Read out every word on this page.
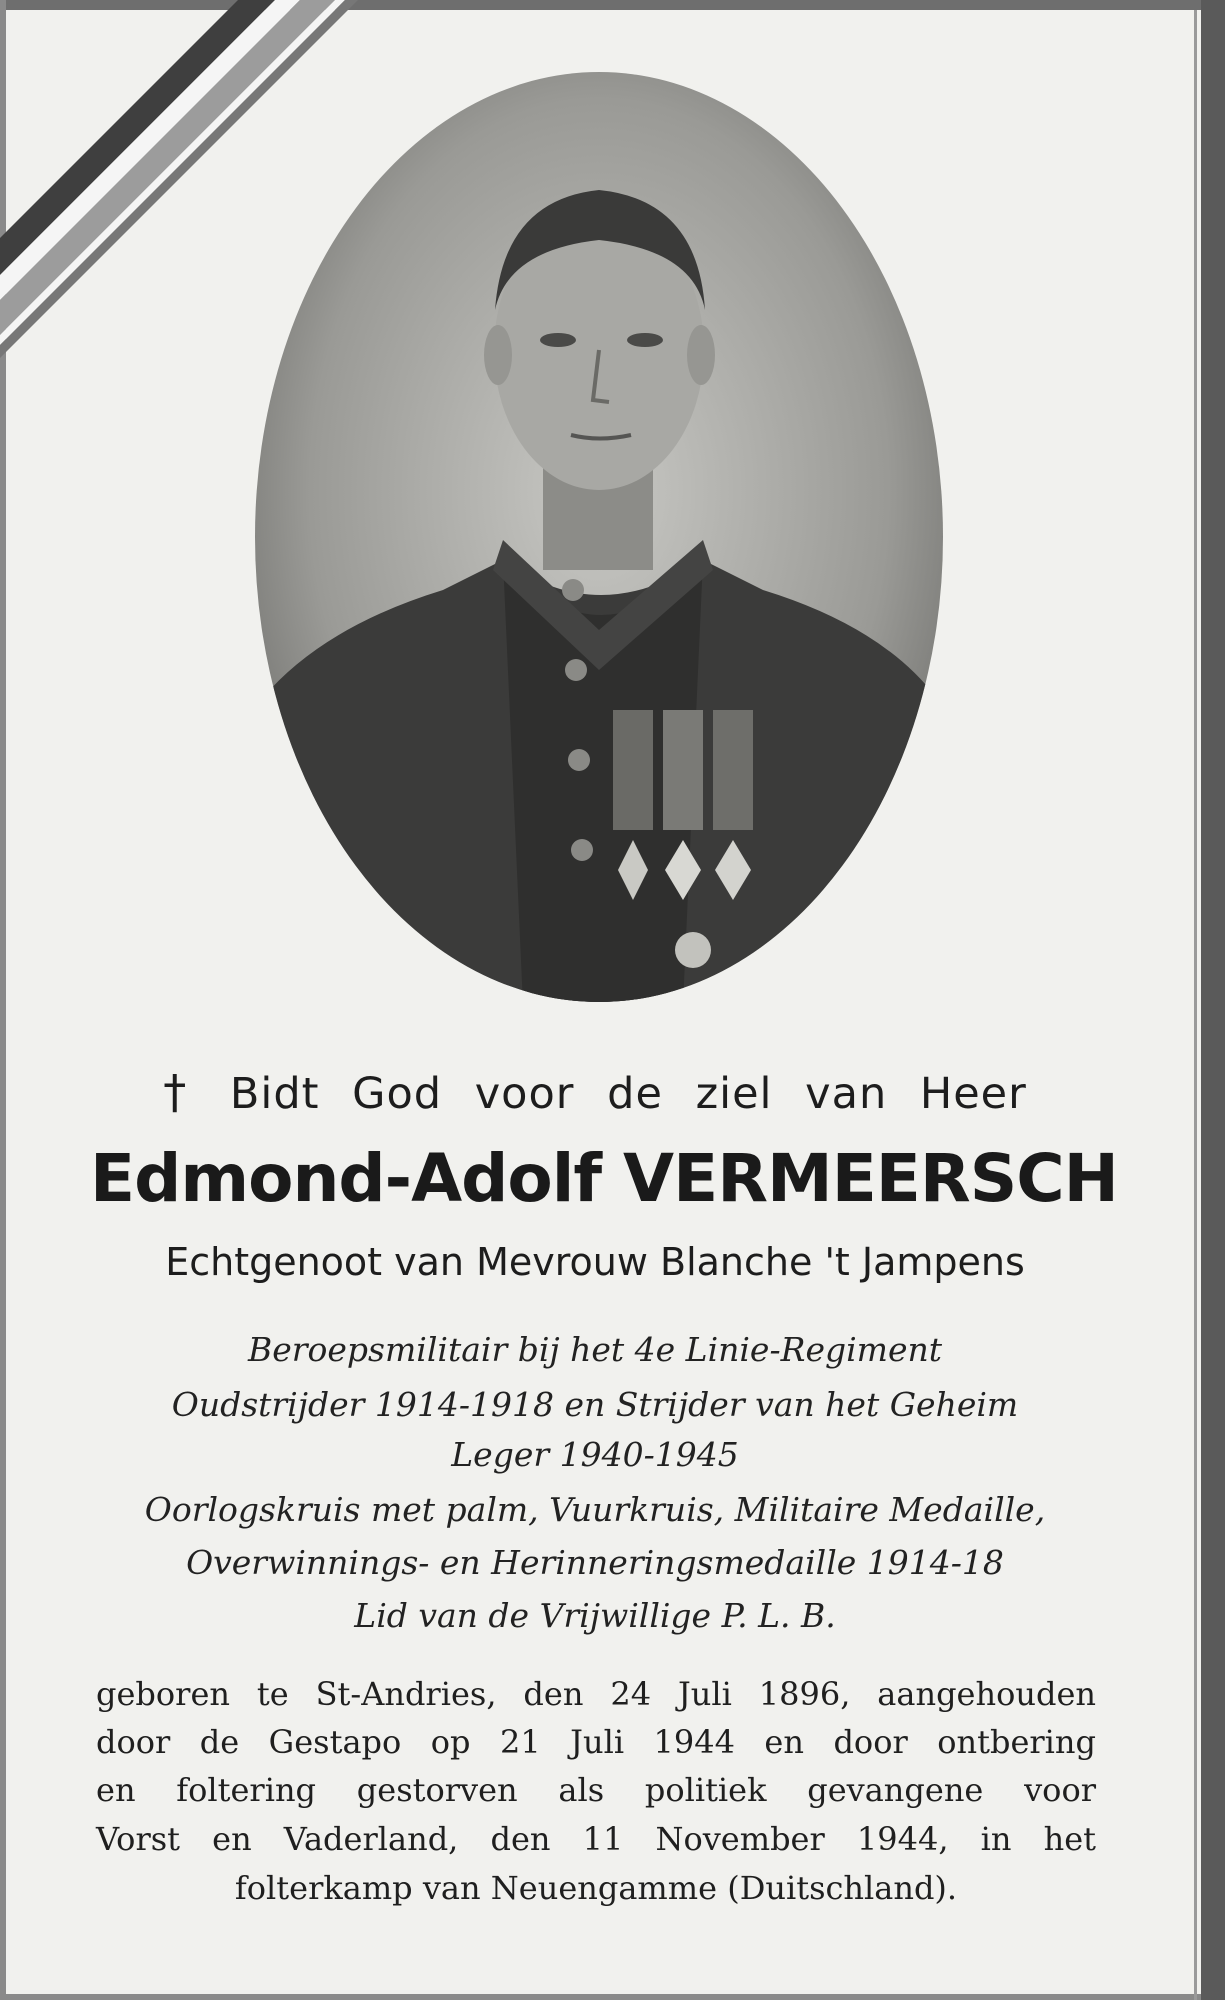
† Bidt God voor de ziel van Heer
Edmond-Adolf VERMEERSCH
Echtgenoot van Mevrouw Blanche 't Jampens
Beroepsmilitair bij het 4e Linie-Regiment
Oudstrijder 1914-1918 en Strijder van het Geheim
Leger 1940-1945
Oorlogskruis met palm, Vuurkruis, Militaire Medaille,
Overwinnings- en Herinneringsmedaille 1914-18
Lid van de Vrijwillige P. L. B.
geboren te St-Andries, den 24 Juli 1896, aangehouden
door de Gestapo op 21 Juli 1944 en door ontbering
en foltering gestorven als politiek gevangene voor
Vorst en Vaderland, den 11 November 1944, in het
folterkamp van Neuengamme (Duitschland).
